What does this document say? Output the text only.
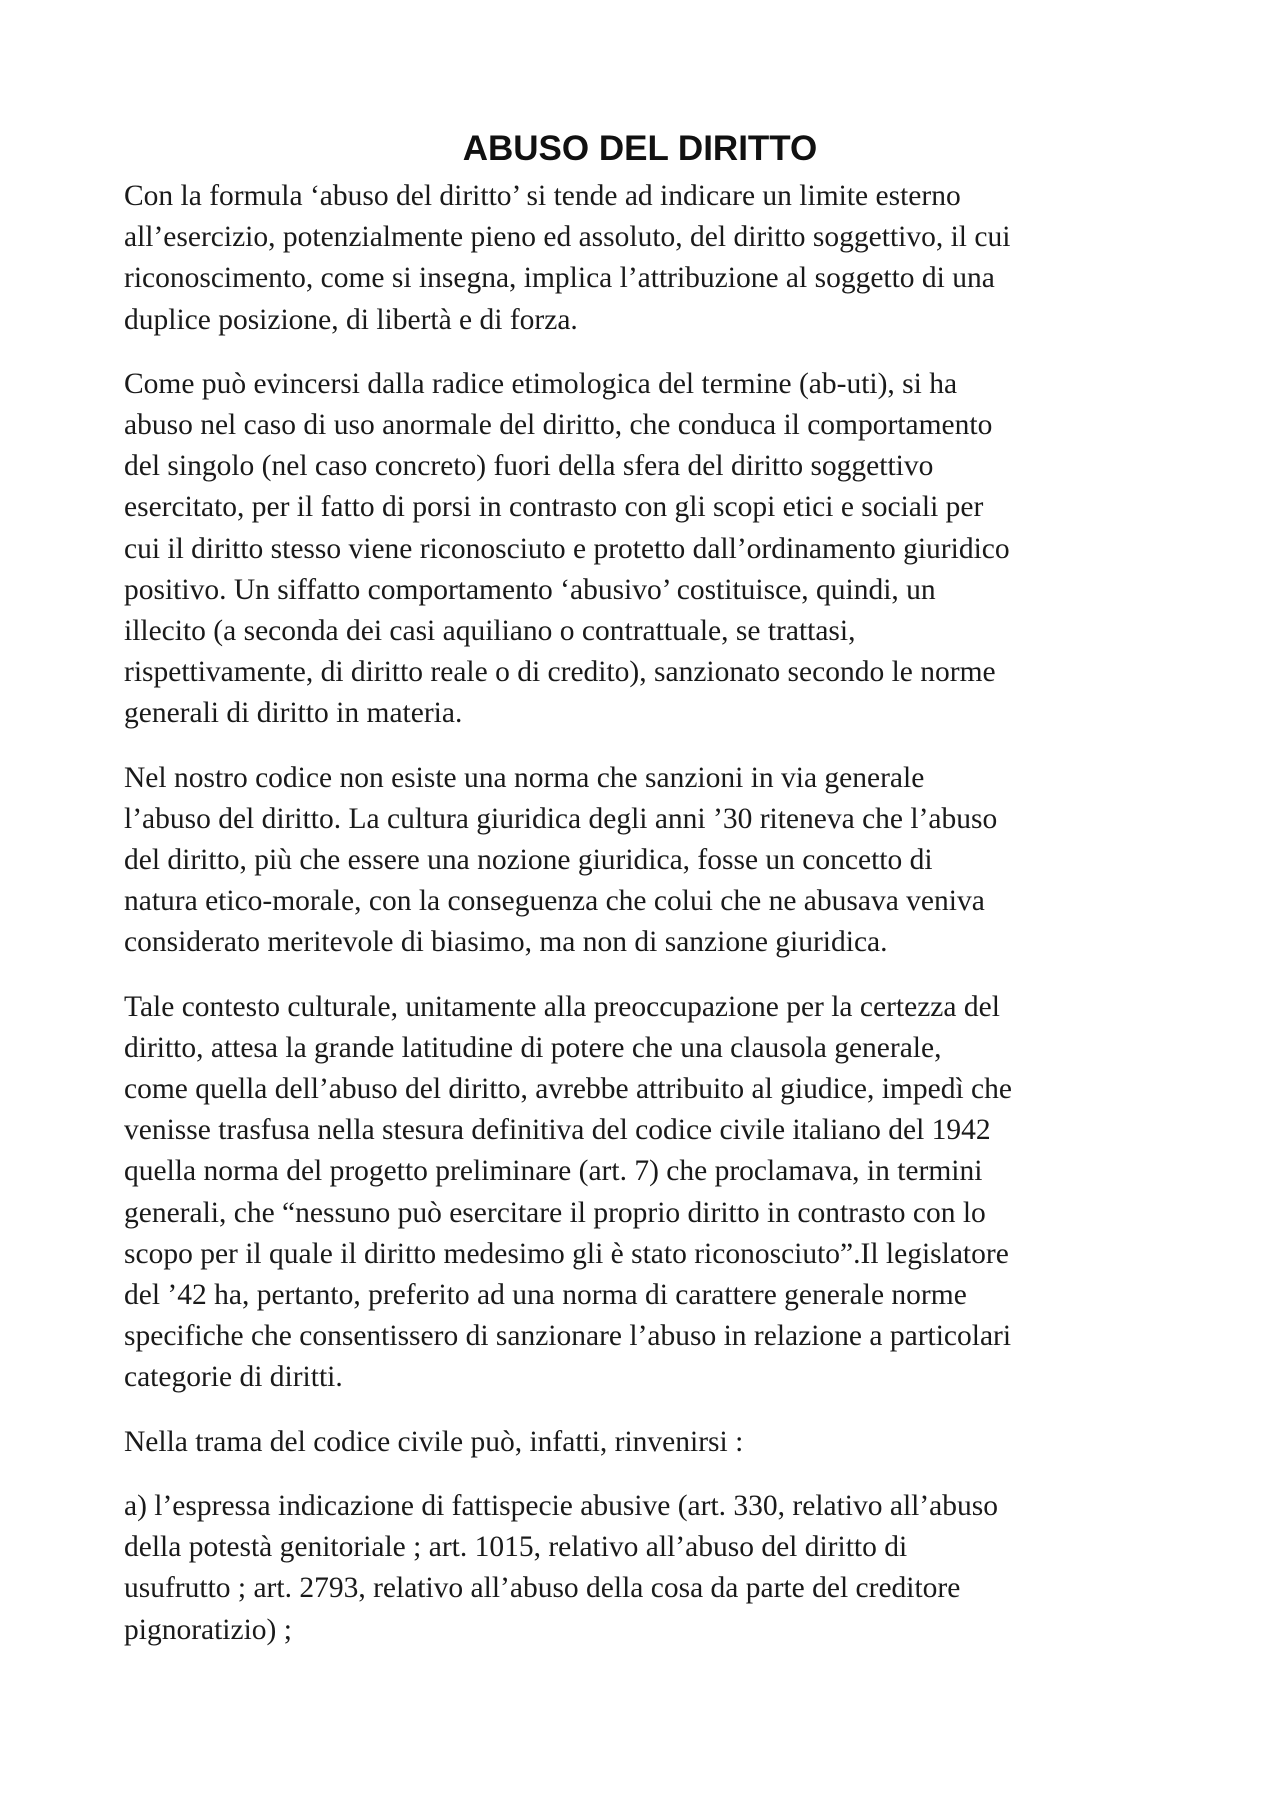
ABUSO DEL DIRITTO

Con la formula ‘abuso del diritto’ si tende ad indicare un limite esterno
all’esercizio, potenzialmente pieno ed assoluto, del diritto soggettivo, il cui
riconoscimento, come si insegna, implica l’attribuzione al soggetto di una
duplice posizione, di libertà e di forza.

Come può evincersi dalla radice etimologica del termine (ab-uti), si ha
abuso nel caso di uso anormale del diritto, che conduca il comportamento
del singolo (nel caso concreto) fuori della sfera del diritto soggettivo
esercitato, per il fatto di porsi in contrasto con gli scopi etici e sociali per
cui il diritto stesso viene riconosciuto e protetto dall’ordinamento giuridico
positivo. Un siffatto comportamento ‘abusivo’ costituisce, quindi, un
illecito (a seconda dei casi aquiliano o contrattuale, se trattasi,
rispettivamente, di diritto reale o di credito), sanzionato secondo le norme
generali di diritto in materia.

Nel nostro codice non esiste una norma che sanzioni in via generale
l’abuso del diritto. La cultura giuridica degli anni ’30 riteneva che l’abuso
del diritto, più che essere una nozione giuridica, fosse un concetto di
natura etico-morale, con la conseguenza che colui che ne abusava veniva
considerato meritevole di biasimo, ma non di sanzione giuridica.

Tale contesto culturale, unitamente alla preoccupazione per la certezza del
diritto, attesa la grande latitudine di potere che una clausola generale,
come quella dell’abuso del diritto, avrebbe attribuito al giudice, impedì che
venisse trasfusa nella stesura definitiva del codice civile italiano del 1942
quella norma del progetto preliminare (art. 7) che proclamava, in termini
generali, che “nessuno può esercitare il proprio diritto in contrasto con lo
scopo per il quale il diritto medesimo gli è stato riconosciuto”.Il legislatore
del ’42 ha, pertanto, preferito ad una norma di carattere generale norme
specifiche che consentissero di sanzionare l’abuso in relazione a particolari
categorie di diritti.

Nella trama del codice civile può, infatti, rinvenirsi :

a) l’espressa indicazione di fattispecie abusive (art. 330, relativo all’abuso
della potestà genitoriale ; art. 1015, relativo all’abuso del diritto di
usufrutto ; art. 2793, relativo all’abuso della cosa da parte del creditore
pignoratizio) ;
